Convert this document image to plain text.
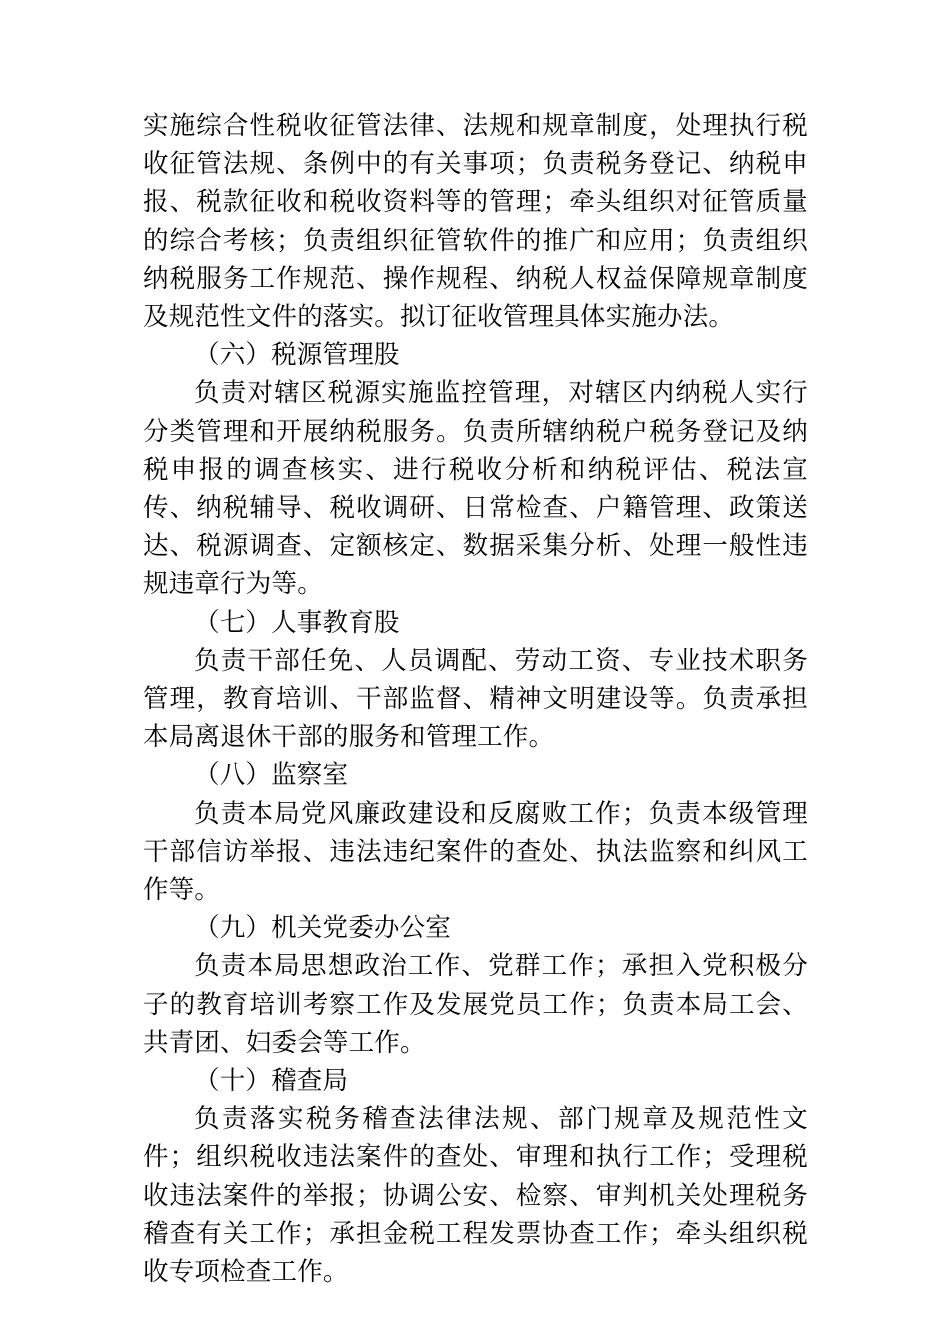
实施综合性税收征管法律、法规和规章制度，处理执行税收征管法规、条例中的有关事项；负责税务登记、纳税申报、税款征收和税收资料等的管理；牵头组织对征管质量的综合考核；负责组织征管软件的推广和应用；负责组织纳税服务工作规范、操作规程、纳税人权益保障规章制度及规范性文件的落实。拟订征收管理具体实施办法。

（六）税源管理股

负责对辖区税源实施监控管理，对辖区内纳税人实行分类管理和开展纳税服务。负责所辖纳税户税务登记及纳税申报的调查核实、进行税收分析和纳税评估、税法宣传、纳税辅导、税收调研、日常检查、户籍管理、政策送达、税源调查、定额核定、数据采集分析、处理一般性违规违章行为等。

（七）人事教育股

负责干部任免、人员调配、劳动工资、专业技术职务管理，教育培训、干部监督、精神文明建设等。负责承担本局离退休干部的服务和管理工作。

（八）监察室

负责本局党风廉政建设和反腐败工作；负责本级管理干部信访举报、违法违纪案件的查处、执法监察和纠风工作等。

（九）机关党委办公室

负责本局思想政治工作、党群工作；承担入党积极分子的教育培训考察工作及发展党员工作；负责本局工会、共青团、妇委会等工作。

（十）稽查局

负责落实税务稽查法律法规、部门规章及规范性文件；组织税收违法案件的查处、审理和执行工作；受理税收违法案件的举报；协调公安、检察、审判机关处理税务稽查有关工作；承担金税工程发票协查工作；牵头组织税收专项检查工作。
